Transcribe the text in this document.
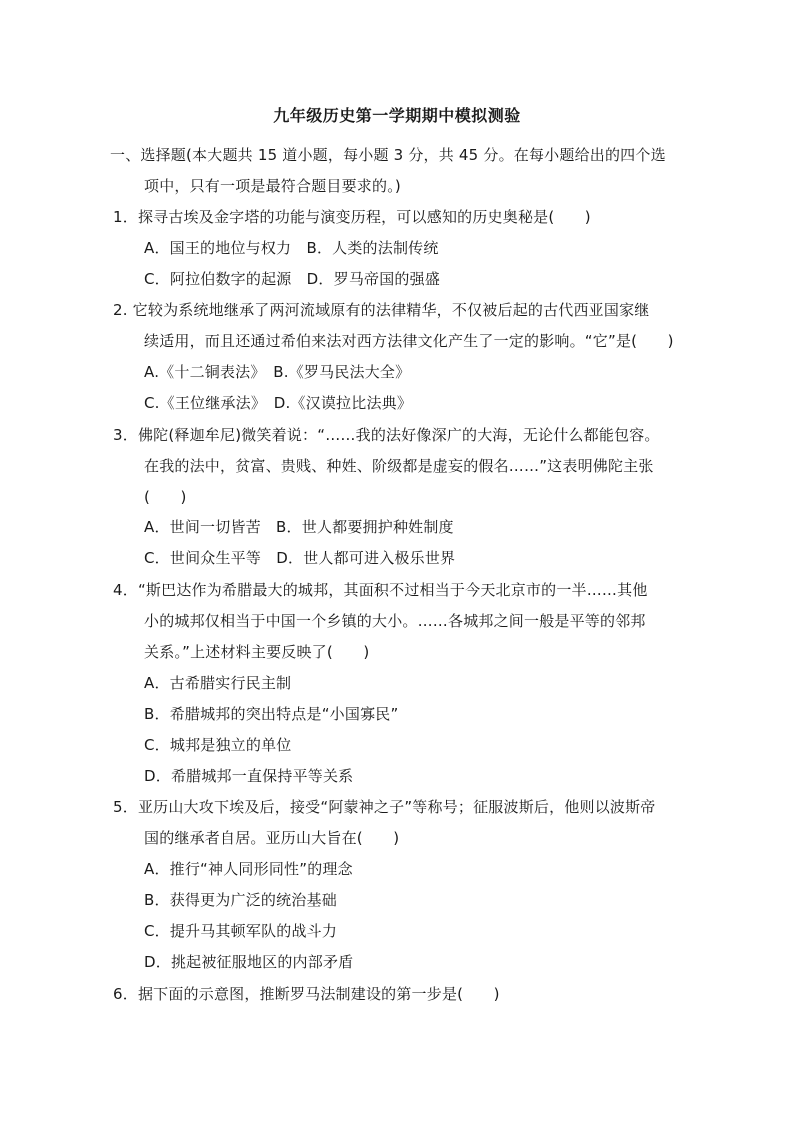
九年级历史第一学期期中模拟测验
一、选择题(本大题共 15 道小题，每小题 3 分，共 45 分。在每小题给出的四个选
项中，只有一项是最符合题目要求的。)
1．探寻古埃及金字塔的功能与演变历程，可以感知的历史奥秘是(　　)
A．国王的地位与权力　B．人类的法制传统
C．阿拉伯数字的起源　D．罗马帝国的强盛
2. 它较为系统地继承了两河流域原有的法律精华，不仅被后起的古代西亚国家继
续适用，而且还通过希伯来法对西方法律文化产生了一定的影响。“它”是(　　)
A.《十二铜表法》　B.《罗马民法大全》
C.《王位继承法》　D.《汉谟拉比法典》
3．佛陀(释迦牟尼)微笑着说：“……我的法好像深广的大海，无论什么都能包容。
在我的法中，贫富、贵贱、种姓、阶级都是虚妄的假名……”这表明佛陀主张
(　　)
A．世间一切皆苦　B．世人都要拥护种姓制度
C．世间众生平等　D．世人都可进入极乐世界
4．“斯巴达作为希腊最大的城邦，其面积不过相当于今天北京市的一半……其他
小的城邦仅相当于中国一个乡镇的大小。……各城邦之间一般是平等的邻邦
关系。”上述材料主要反映了(　　)
A．古希腊实行民主制
B．希腊城邦的突出特点是“小国寡民”
C．城邦是独立的单位
D．希腊城邦一直保持平等关系
5．亚历山大攻下埃及后，接受“阿蒙神之子”等称号；征服波斯后，他则以波斯帝
国的继承者自居。亚历山大旨在(　　)
A．推行“神人同形同性”的理念
B．获得更为广泛的统治基础
C．提升马其顿军队的战斗力
D．挑起被征服地区的内部矛盾
6．据下面的示意图，推断罗马法制建设的第一步是(　　)
